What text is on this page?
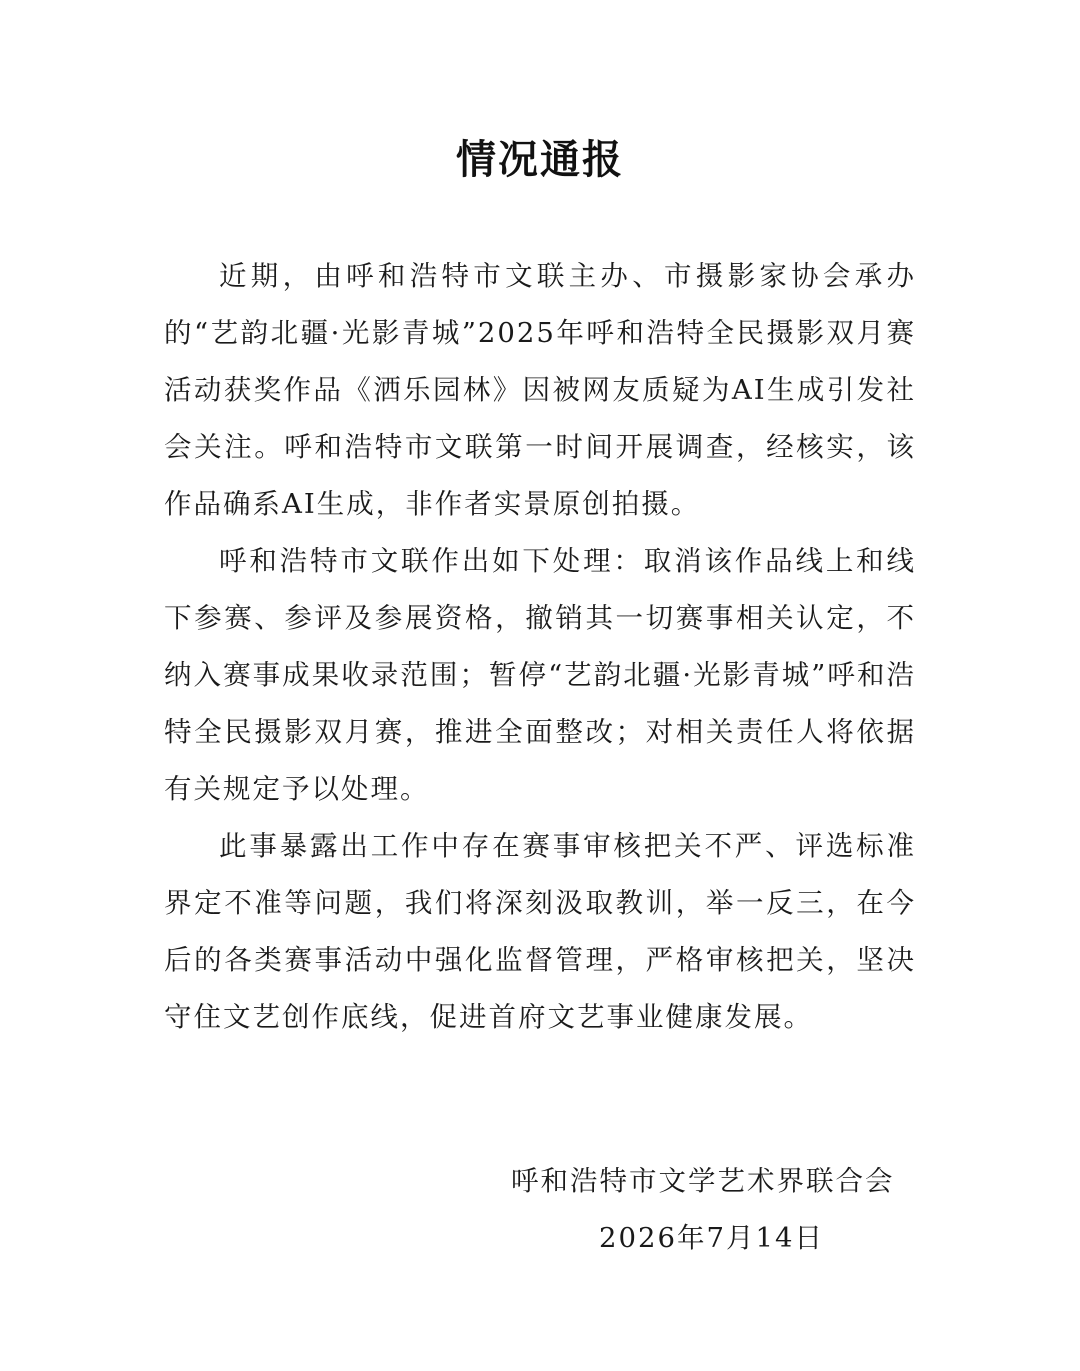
情况通报

近期，由呼和浩特市文联主办、市摄影家协会承办的“艺韵北疆·光影青城”2025年呼和浩特全民摄影双月赛活动获奖作品《洒乐园林》因被网友质疑为AI生成引发社会关注。呼和浩特市文联第一时间开展调查，经核实，该作品确系AI生成，非作者实景原创拍摄。

呼和浩特市文联作出如下处理：取消该作品线上和线下参赛、参评及参展资格，撤销其一切赛事相关认定，不纳入赛事成果收录范围；暂停“艺韵北疆·光影青城”呼和浩特全民摄影双月赛，推进全面整改；对相关责任人将依据有关规定予以处理。

此事暴露出工作中存在赛事审核把关不严、评选标准界定不准等问题，我们将深刻汲取教训，举一反三，在今后的各类赛事活动中强化监督管理，严格审核把关，坚决守住文艺创作底线，促进首府文艺事业健康发展。

呼和浩特市文学艺术界联合会
2026年7月14日
